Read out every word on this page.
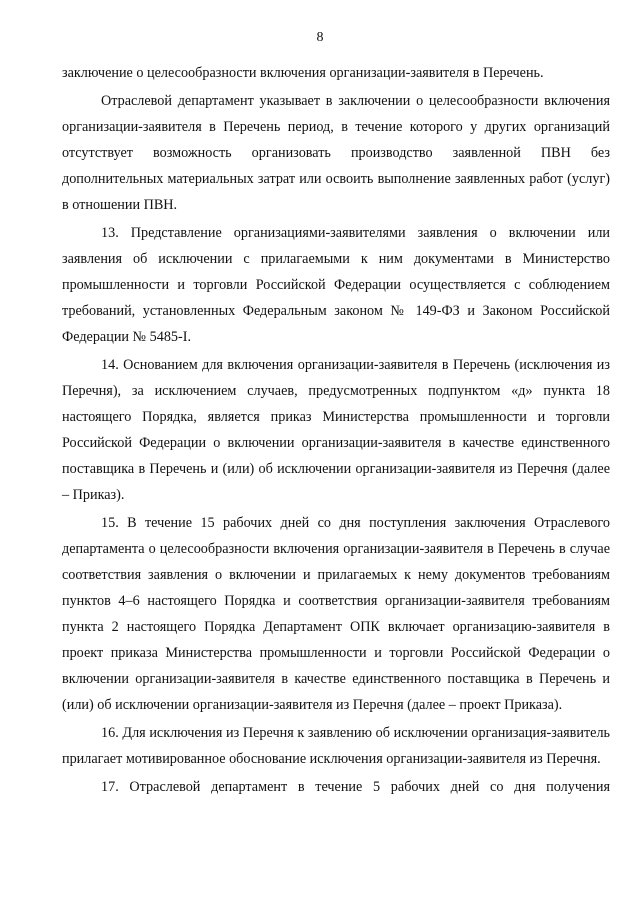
8

заключение о целесообразности включения организации-заявителя в Перечень.

Отраслевой департамент указывает в заключении о целесообразности включения организации-заявителя в Перечень период, в течение которого у других организаций отсутствует возможность организовать производство заявленной ПВН без дополнительных материальных затрат или освоить выполнение заявленных работ (услуг) в отношении ПВН.

13. Представление организациями-заявителями заявления о включении или заявления об исключении с прилагаемыми к ним документами в Министерство промышленности и торговли Российской Федерации осуществляется с соблюдением требований, установленных Федеральным законом № 149-ФЗ и Законом Российской Федерации № 5485-I.

14. Основанием для включения организации-заявителя в Перечень (исключения из Перечня), за исключением случаев, предусмотренных подпунктом «д» пункта 18 настоящего Порядка, является приказ Министерства промышленности и торговли Российской Федерации о включении организации-заявителя в качестве единственного поставщика в Перечень и (или) об исключении организации-заявителя из Перечня (далее – Приказ).

15. В течение 15 рабочих дней со дня поступления заключения Отраслевого департамента о целесообразности включения организации-заявителя в Перечень в случае соответствия заявления о включении и прилагаемых к нему документов требованиям пунктов 4–6 настоящего Порядка и соответствия организации-заявителя требованиям пункта 2 настоящего Порядка Департамент ОПК включает организацию-заявителя в проект приказа Министерства промышленности и торговли Российской Федерации о включении организации-заявителя в качестве единственного поставщика в Перечень и (или) об исключении организации-заявителя из Перечня (далее – проект Приказа).

16. Для исключения из Перечня к заявлению об исключении организация-заявитель прилагает мотивированное обоснование исключения организации-заявителя из Перечня.

17. Отраслевой департамент в течение 5 рабочих дней со дня получения
